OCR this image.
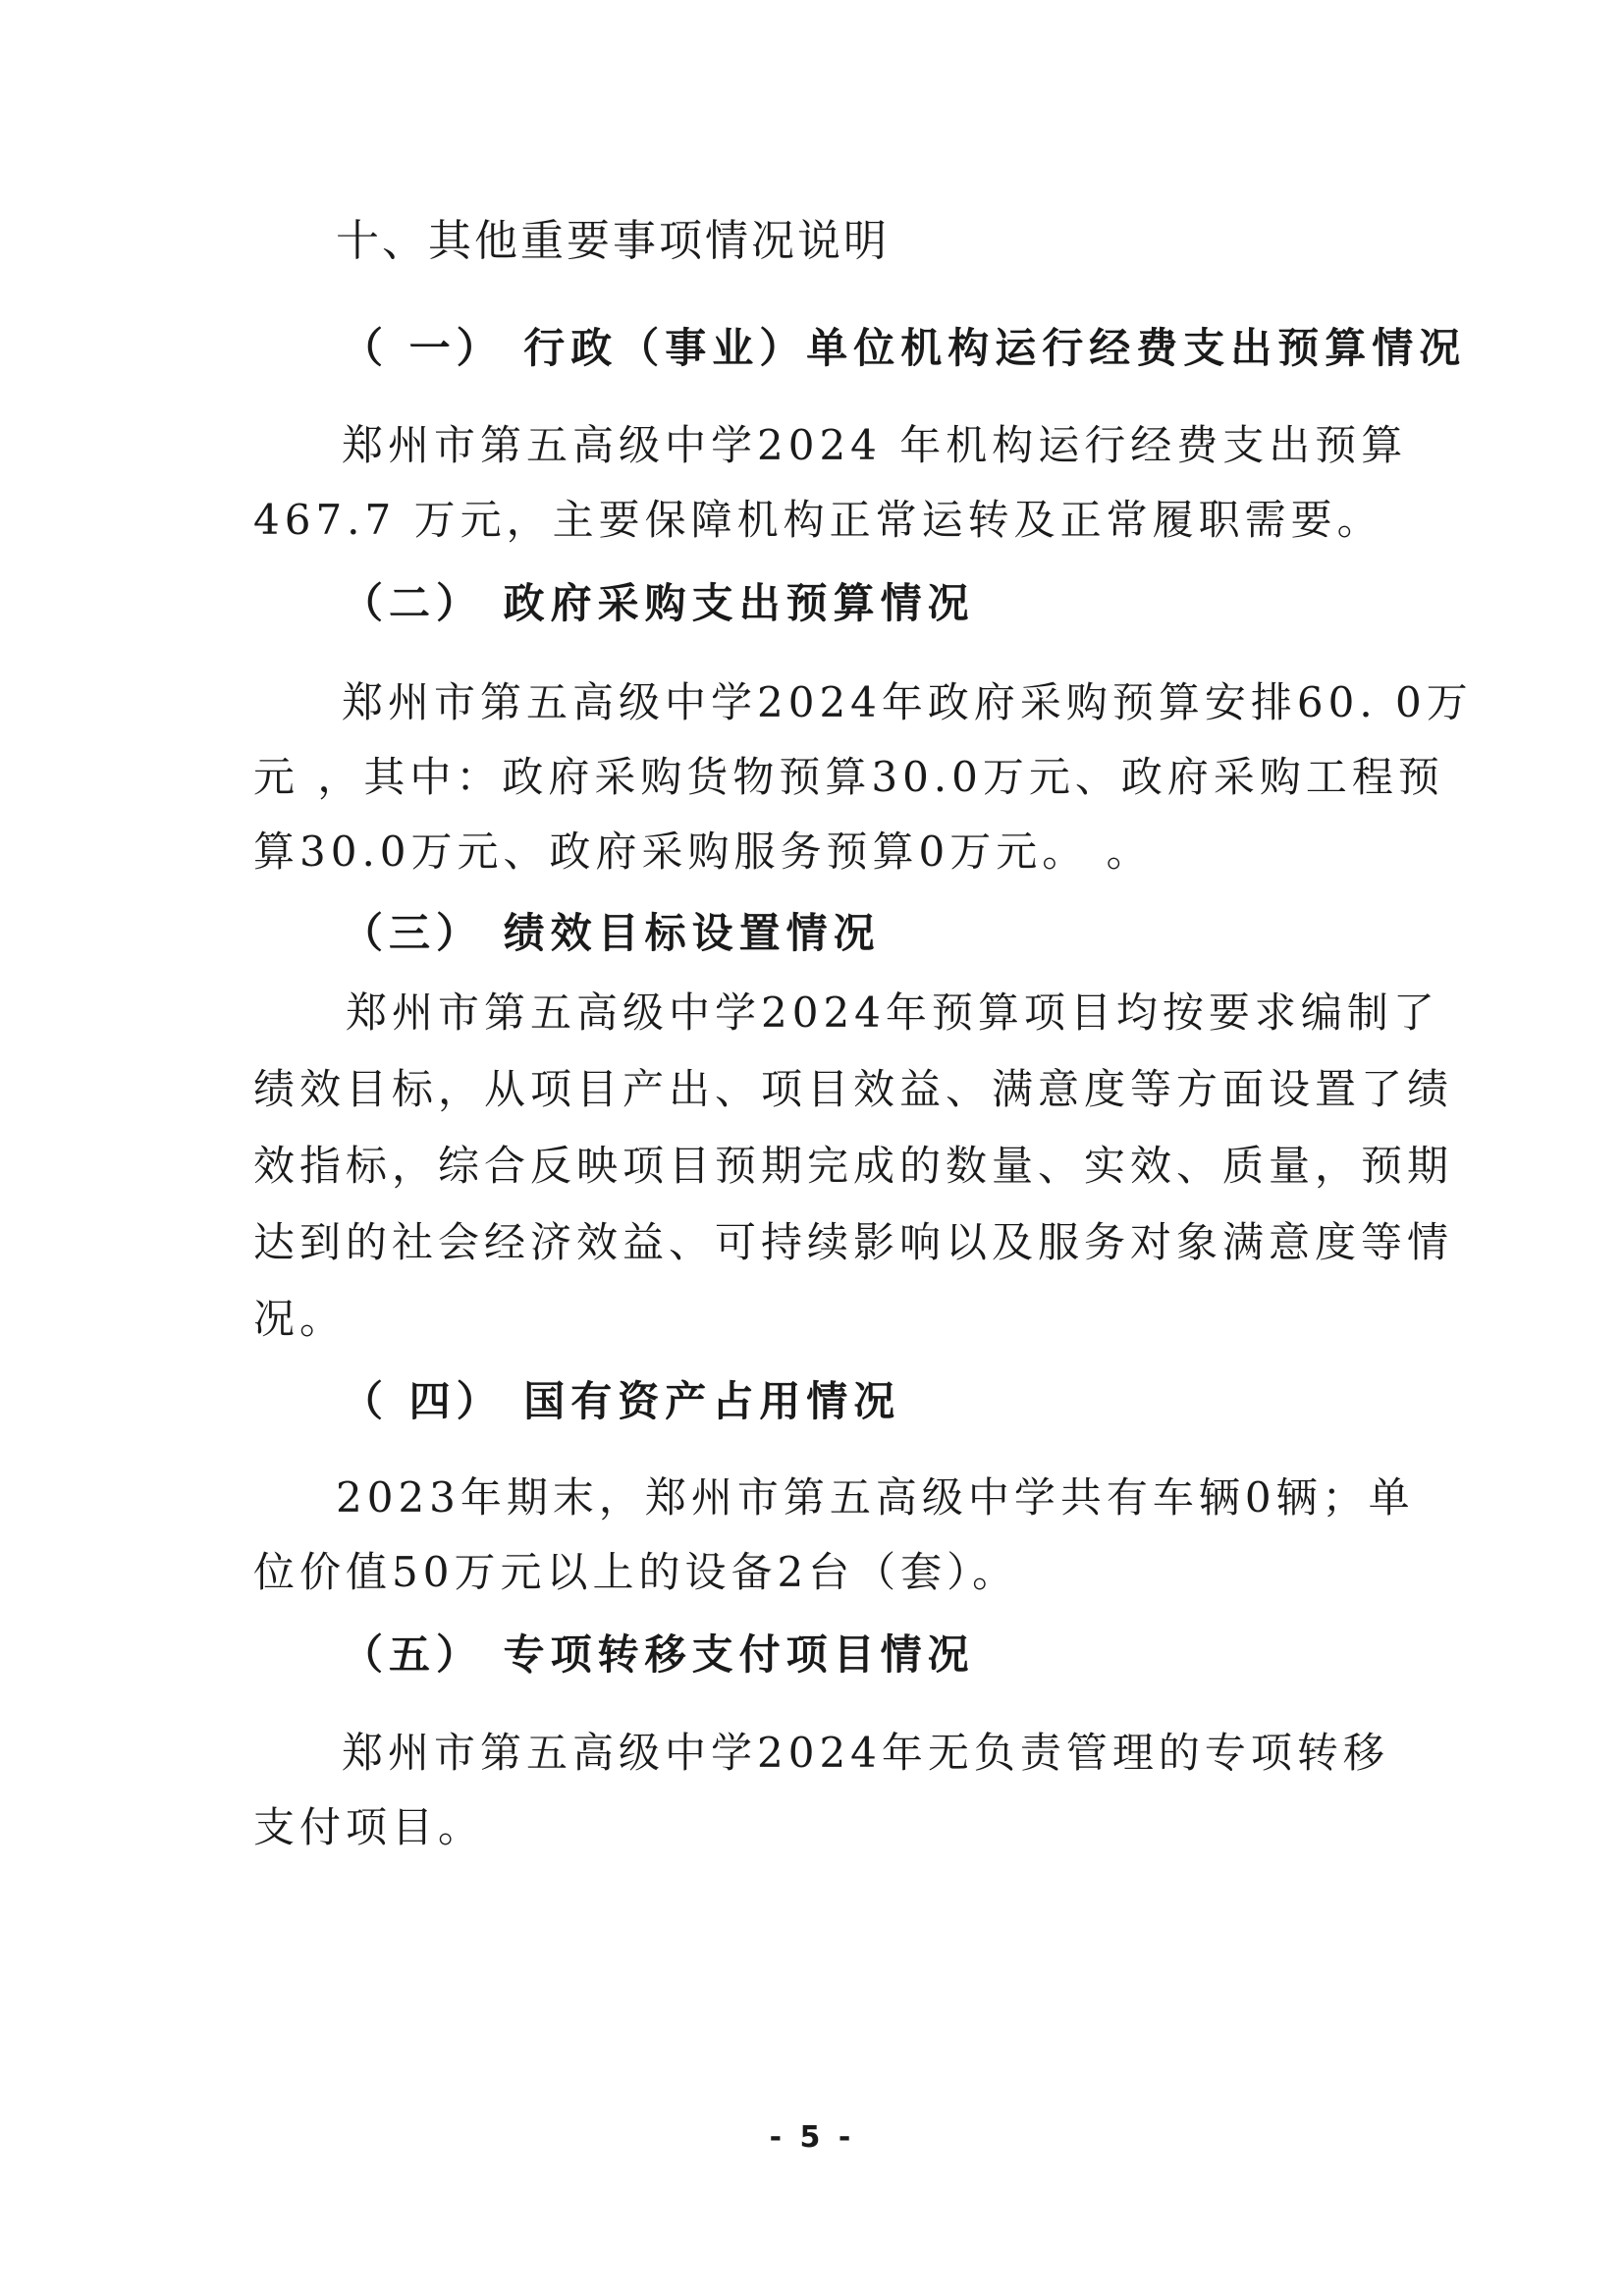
十、其他重要事项情况说明
（ 一） 行政（事业）单位机构运行经费支出预算情况
郑州市第五高级中学2024 年机构运行经费支出预算
467.7 万元，主要保障机构正常运转及正常履职需要。
（二） 政府采购支出预算情况
郑州市第五高级中学2024年政府采购预算安排60. 0万
元 ，其中：政府采购货物预算30.0万元、政府采购工程预
算30.0万元、政府采购服务预算0万元。 。
（三） 绩效目标设置情况
郑州市第五高级中学2024年预算项目均按要求编制了
绩效目标，从项目产出、项目效益、满意度等方面设置了绩
效指标，综合反映项目预期完成的数量、实效、质量，预期
达到的社会经济效益、可持续影响以及服务对象满意度等情
况。
（ 四） 国有资产占用情况
2023年期末，郑州市第五高级中学共有车辆0辆；单
位价值50万元以上的设备2台（套）。
（五） 专项转移支付项目情况
郑州市第五高级中学2024年无负责管理的专项转移
支付项目。
- 5 -
